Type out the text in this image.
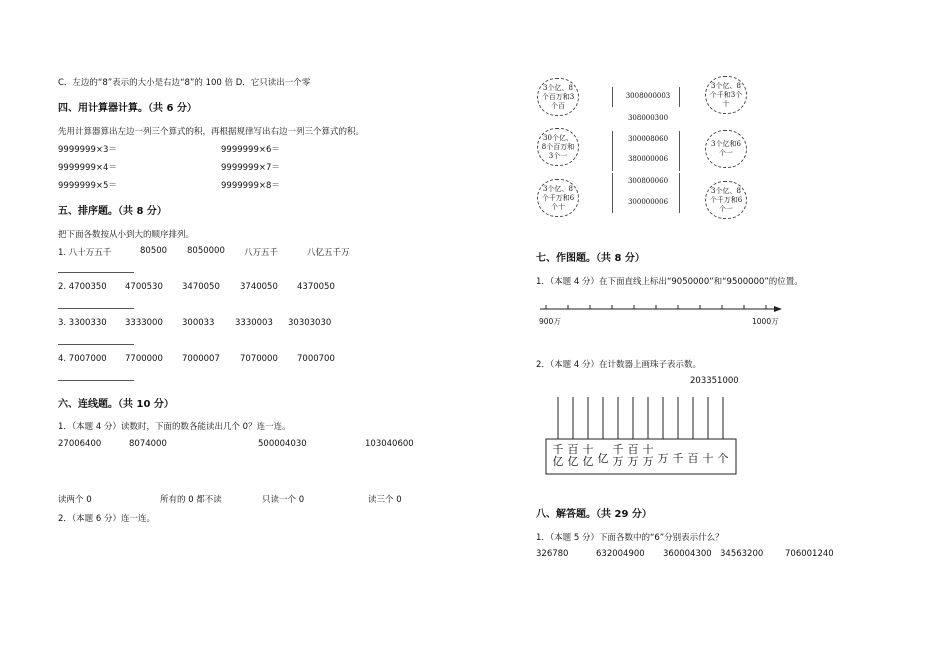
C．左边的“8”表示的大小是右边“8”的 100 倍 D．它只读出一个零
四、用计算器计算。（共 6 分）
先用计算器算出左边一列三个算式的积，再根据规律写出右边一列三个算式的积。
9999999×3＝	9999999×6＝
9999999×4＝	9999999×7＝
9999999×5＝	9999999×8＝
五、排序题。（共 8 分）
把下面各数按从小到大的顺序排列。
1. 八十万五千	80500 8050000 八万五千	八亿五千万
2. 4700350 4700530 3470050 3740050 4370050
3. 3300330 3333000 300033 3330003 30303030
4. 7007000 7700000 7000007 7070000 7000700
六、连线题。（共 10 分）
1．（本题 4 分）读数时，下面的数各能读出几个 0？连一连。
27006400	8074000	500004030	103040600
读两个 0	所有的 0 都不读	只读一个 0	读三个 0
2．（本题 6 分）连一连。
3个亿、8个百万和3个百
30个亿、8个百万和3个一
3个亿、8个千万和6个十
3008000003
308000300
300008060
380000006
300800060
300000006
3个亿、8个千和3个十
3个亿和6个一
3个亿、8个千万和6个一
七、作图题。（共 8 分）
1．（本题 4 分）在下面直线上标出“9050000”和“9500000”的位置。
900万	1000万
2．（本题 4 分）在计数器上画珠子表示数。
203351000
千亿
百亿
十亿 亿
千万
百万
十万 万 千 百 十 个
八、解答题。（共 29 分）
1．（本题 5 分）下面各数中的“6”分别表示什么？
326780	632004900 360004300 34563200	706001240
